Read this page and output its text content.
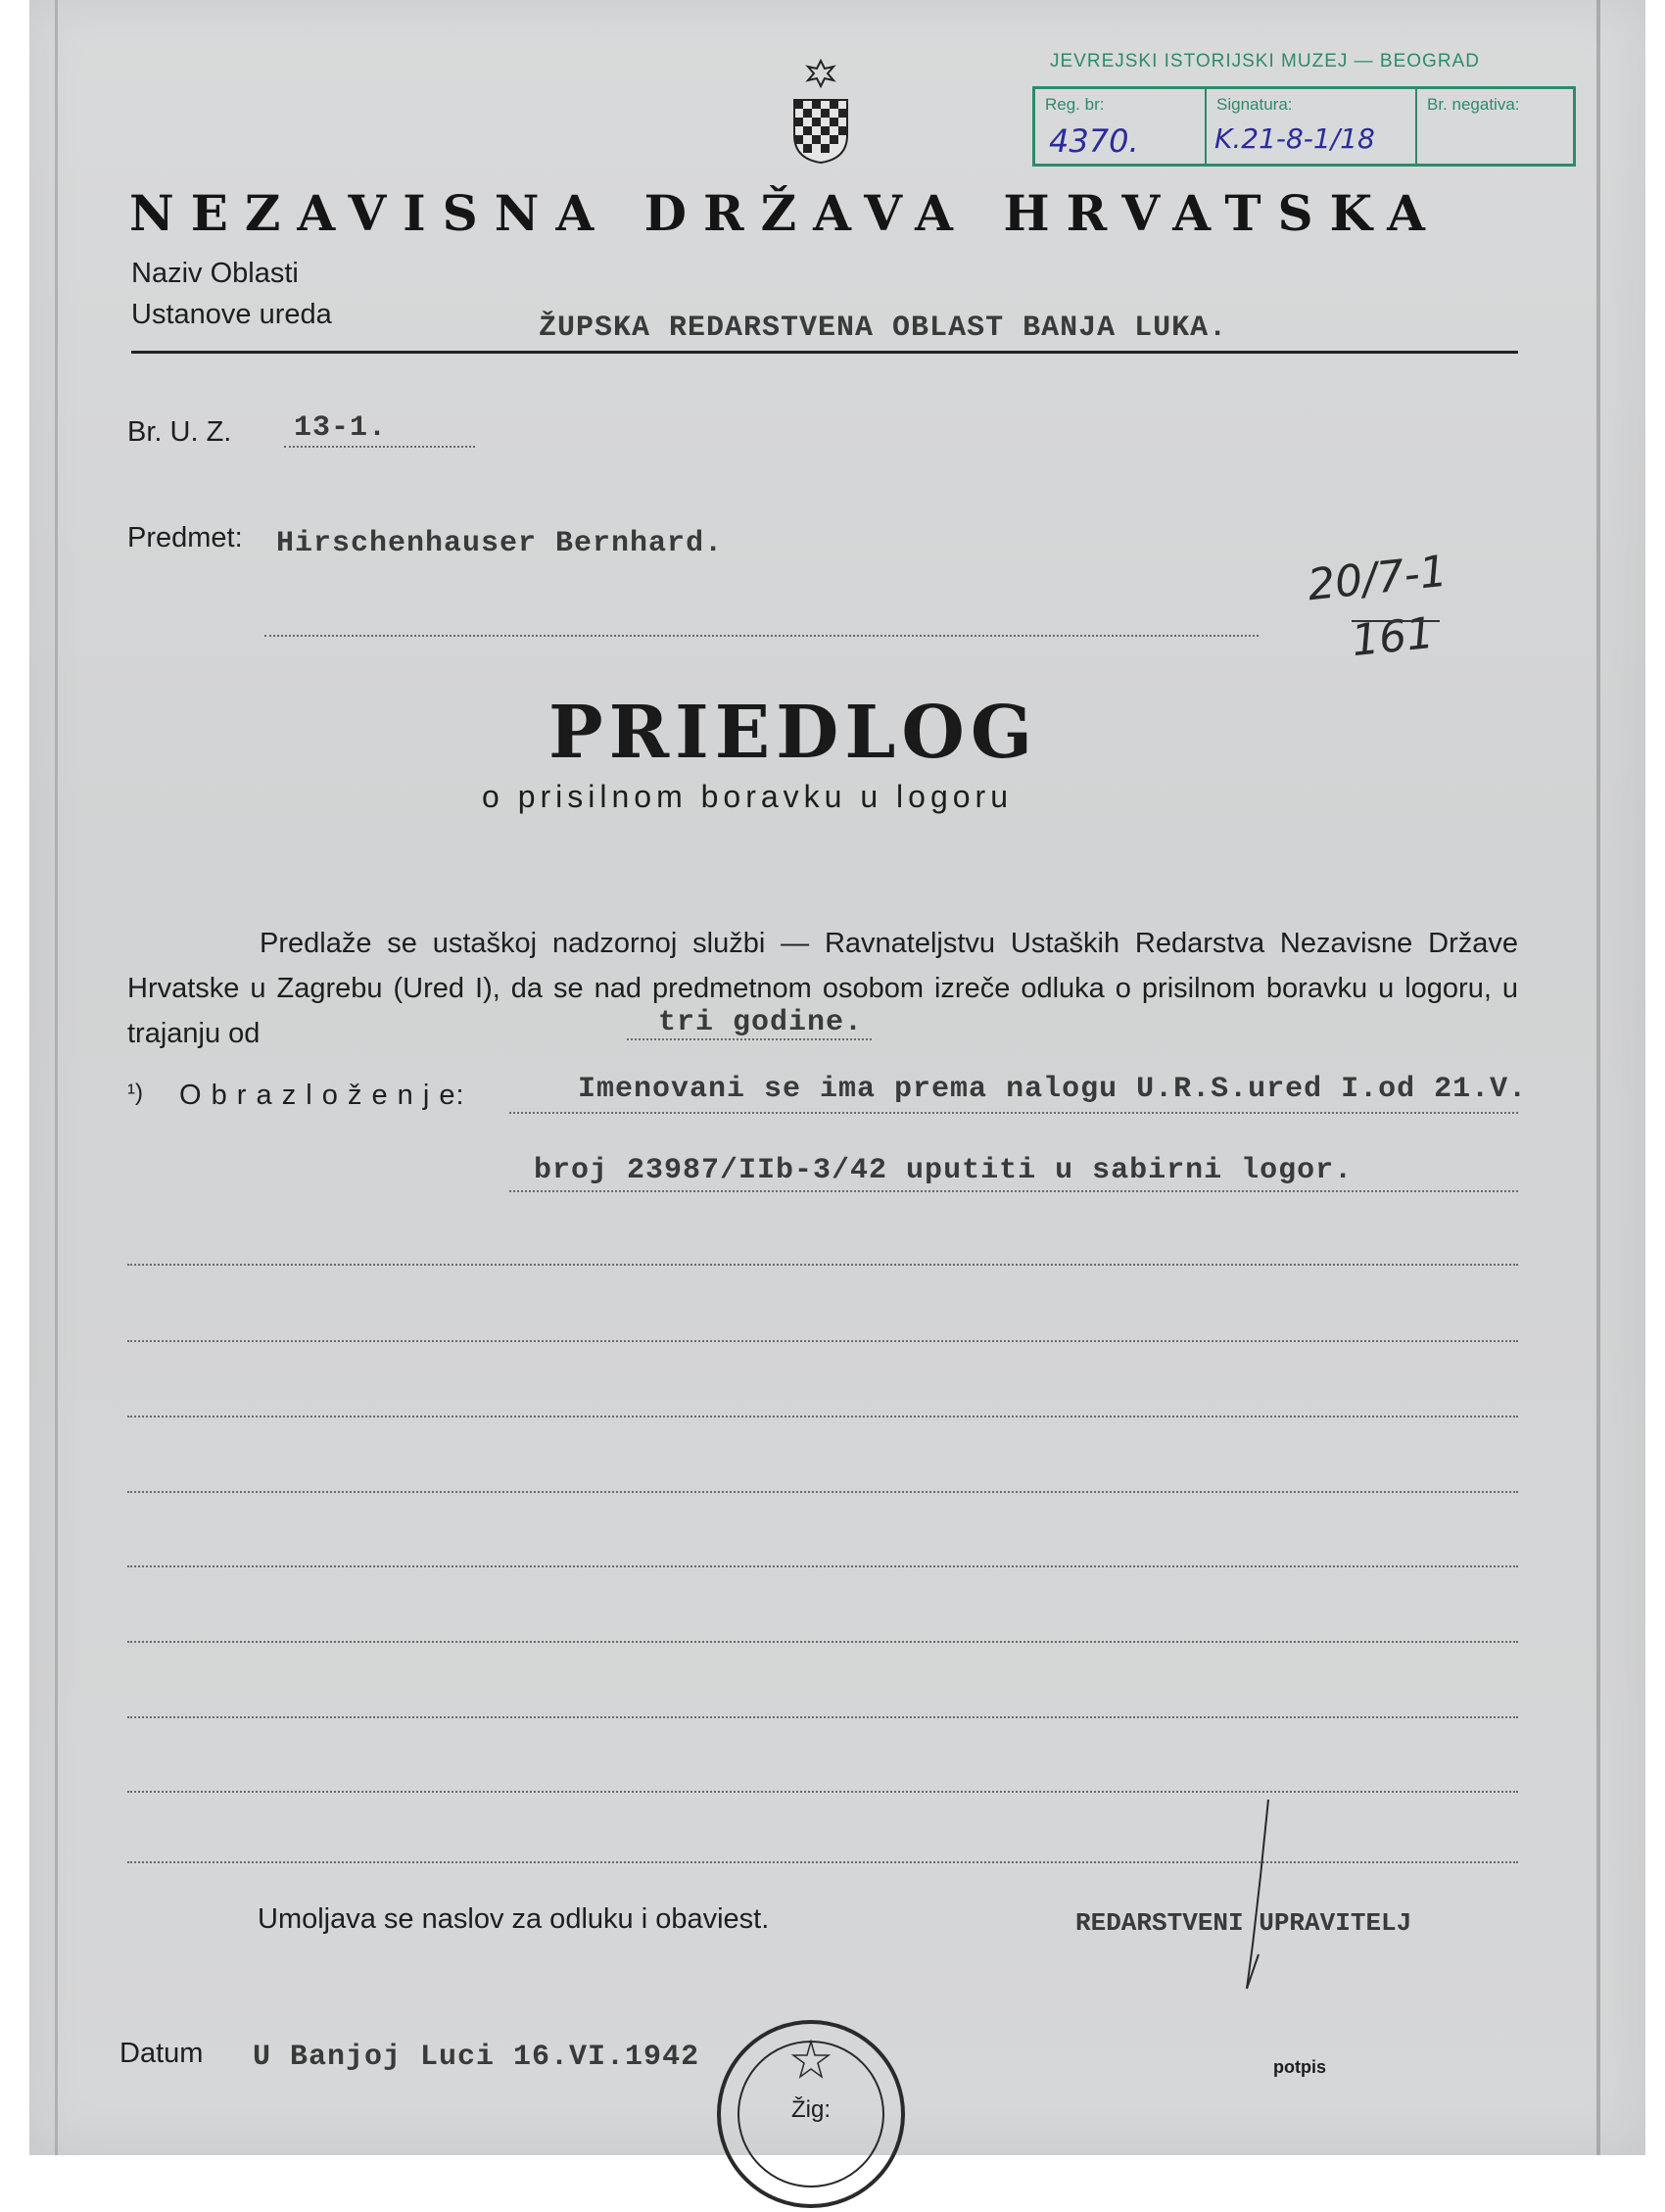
JEVREJSKI ISTORIJSKI MUZEJ — BEOGRAD
Reg. br:
4370.
Signatura:
K.21-8-1/18
Br. negativa:
NEZAVISNA DRŽAVA HRVATSKA
Naziv Oblasti
Ustanove ureda	ŽUPSKA REDARSTVENA OBLAST BANJA LUKA.
Br. U. Z. 13-1.
Predmet: Hirschenhauser Bernhard.
20/7-1
161
PRIEDLOG
o prisilnom boravku u logoru
Predlaže se ustaškoj nadzornoj službi — Ravnateljstvu Ustaških Redarstva Nezavisne Države Hrvatske u Zagrebu (Ured I), da se nad predmetnom osobom izreče odluka o prisilnom boravku u logoru, u trajanju od	tri godine.
¹) O b r a z l o ž e n j e:	Imenovani se ima prema nalogu U.R.S.ured I.od 21.V.
broj 23987/IIb-3/42 uputiti u sabirni logor.
Umoljava se naslov za odluku i obaviest.	REDARSTVENI UPRAVITELJ
Datum U Banjoj Luci 16.VI.1942
Žig:
potpis
